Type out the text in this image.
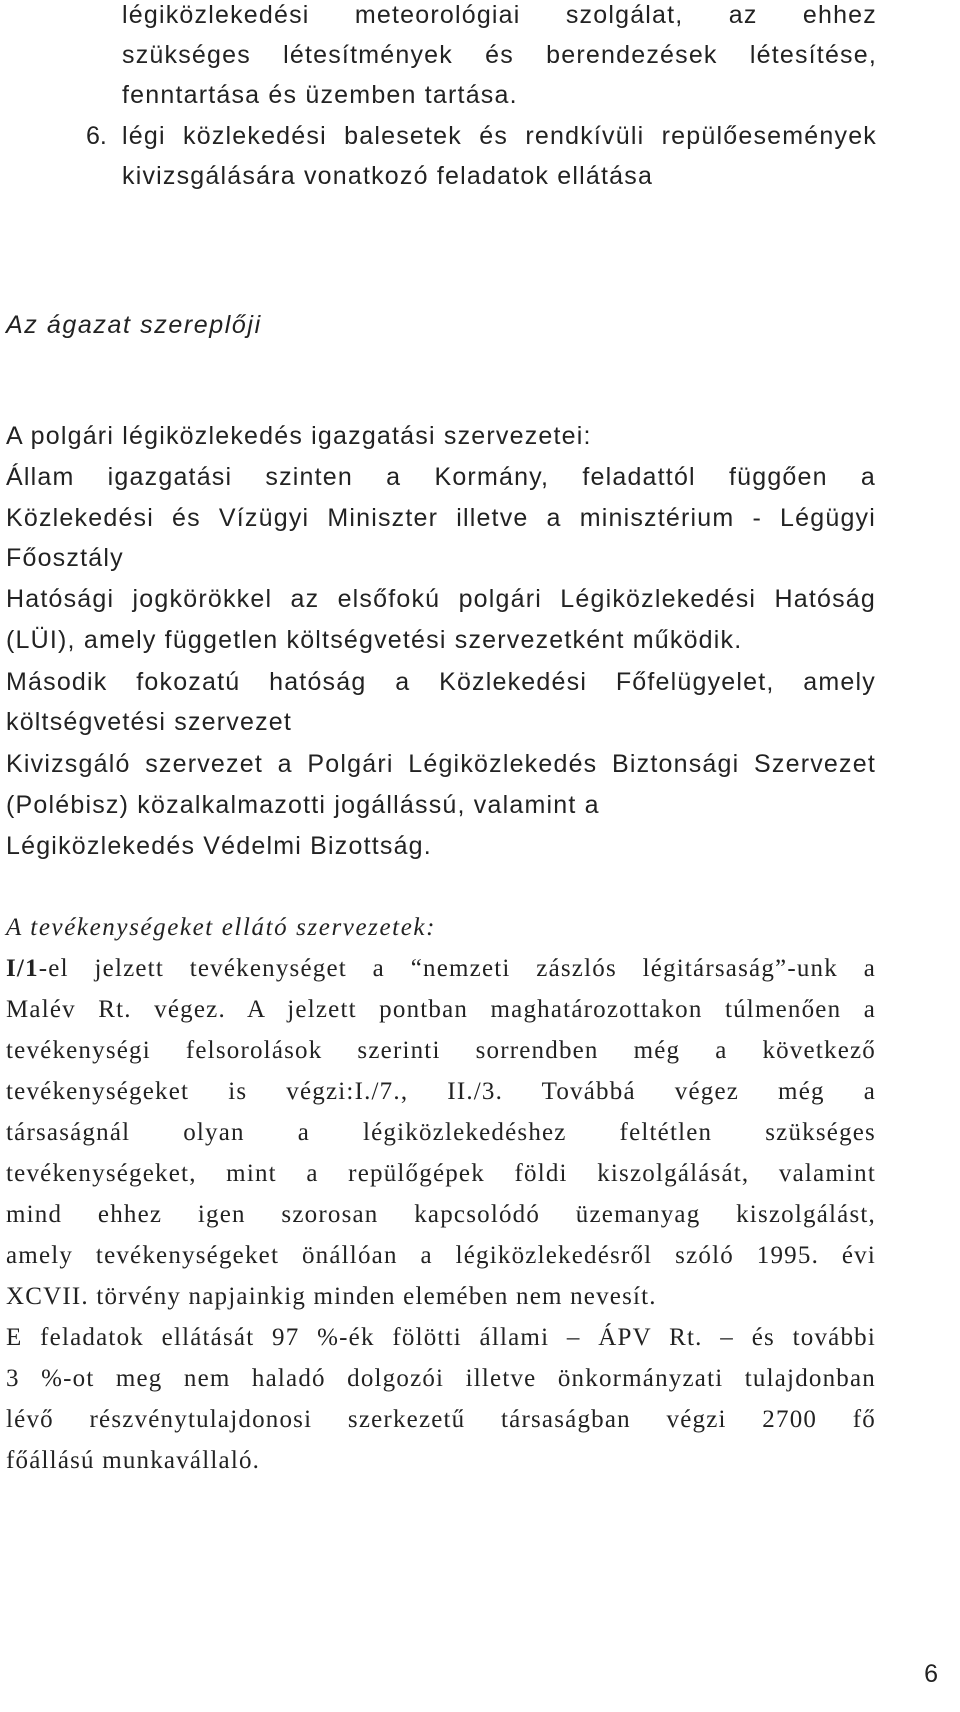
légiközlekedési meteorológiai szolgálat, az ehhez
szükséges létesítmények és berendezések létesítése,
fenntartása és üzemben tartása.
6. légi közlekedési balesetek és rendkívüli repülőesemények
kivizsgálására vonatkozó feladatok ellátása
Az ágazat szereplőji
A polgári légiközlekedés igazgatási szervezetei:
Állam igazgatási szinten a Kormány, feladattól függően a
Közlekedési és Vízügyi Miniszter illetve a minisztérium - Légügyi
Főosztály
Hatósági jogkörökkel az elsőfokú polgári Légiközlekedési Hatóság
(LÜI), amely független költségvetési szervezetként működik.
Második fokozatú hatóság a Közlekedési Főfelügyelet, amely
költségvetési szervezet
Kivizsgáló szervezet a Polgári Légiközlekedés Biztonsági Szervezet
(Polébisz) közalkalmazotti jogállássú, valamint a
Légiközlekedés Védelmi Bizottság.
A tevékenységeket ellátó szervezetek:
I/1 -el jelzett tevékenységet a “nemzeti zászlós légitársaság”-unk a
Malév Rt. végez. A jelzett pontban maghatározottakon túlmenően a
tevékenységi felsorolások szerinti sorrendben még a következő
tevékenységeket is végzi:I./7., II./3. Továbbá végez még a
társaságnál olyan a légiközlekedéshez feltétlen szükséges
tevékenységeket, mint a repülőgépek földi kiszolgálását, valamint
mind ehhez igen szorosan kapcsolódó üzemanyag kiszolgálást,
amely tevékenységeket önállóan a légiközlekedésről szóló 1995. évi
XCVII. törvény napjainkig minden elemében nem nevesít.
E feladatok ellátását 97 %-ék fölötti állami – ÁPV Rt. – és további
3 %-ot meg nem haladó dolgozói illetve önkormányzati tulajdonban
lévő részvénytulajdonosi szerkezetű társaságban végzi 2700 fő
főállású munkavállaló.
6
